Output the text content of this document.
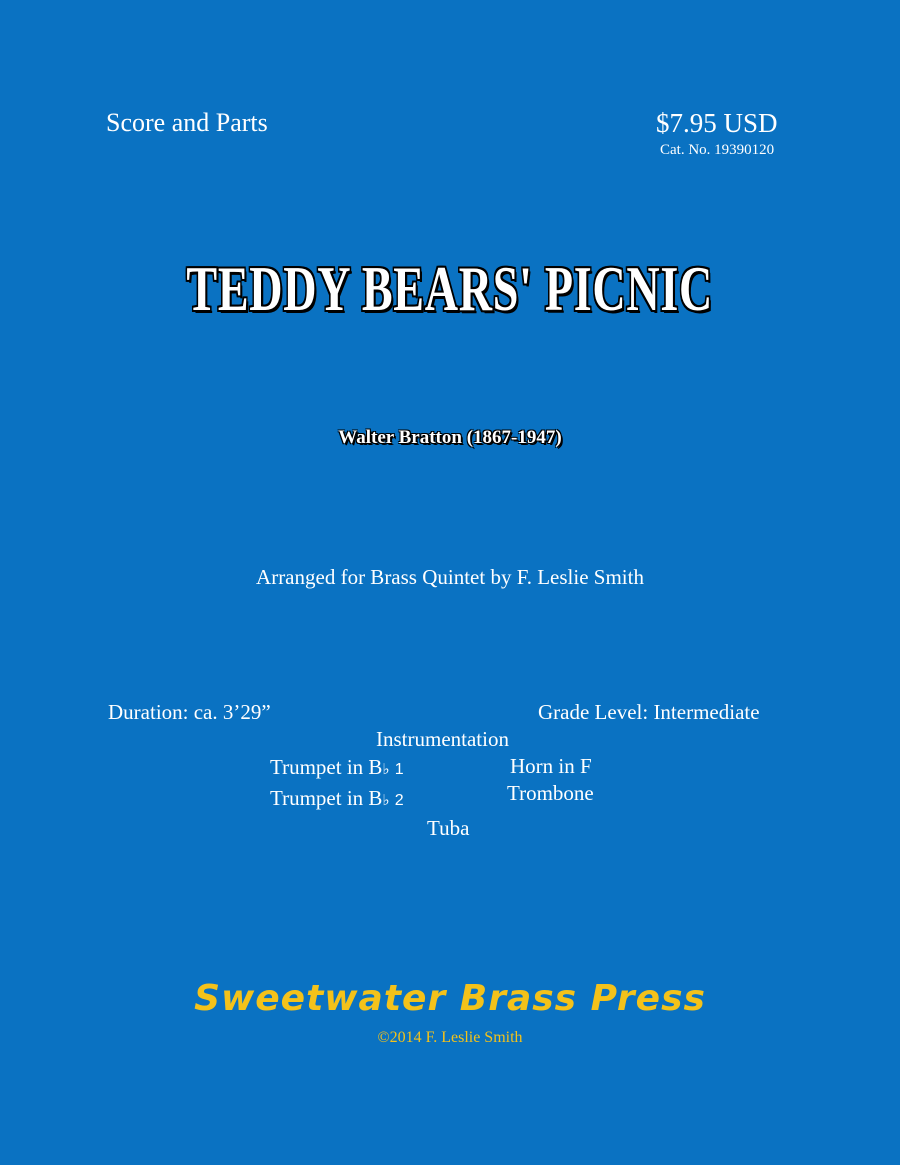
Score and Parts	$7.95 USD
Cat. No. 19390120
TEDDY BEARS' PICNIC
Walter Bratton (1867-1947)
Arranged for Brass Quintet by F. Leslie Smith
Duration: ca. 3’29”	Grade Level: Intermediate
Instrumentation
Trumpet in B♭ 1
Trumpet in B♭ 2
Horn in F
Trombone
Tuba
Sweetwater Brass Press
©2014 F. Leslie Smith
